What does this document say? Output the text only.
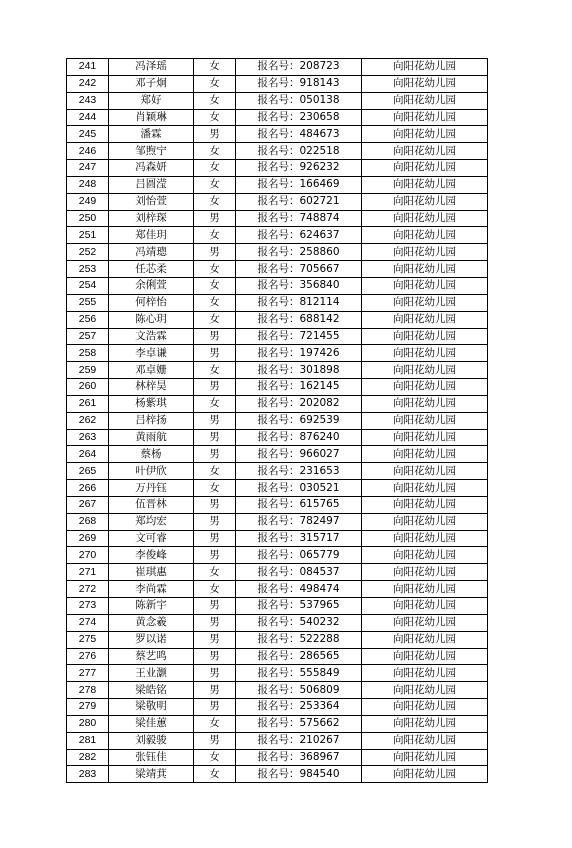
241	冯泽瑶	女	报名号：208723	向阳花幼儿园
242	邓子炯	女	报名号：918143	向阳花幼儿园
243	郑好	女	报名号：050138	向阳花幼儿园
244	肖颖琳	女	报名号：230658	向阳花幼儿园
245	潘霖	男	报名号：484673	向阳花幼儿园
246	邹煦宁	女	报名号：022518	向阳花幼儿园
247	冯森妍	女	报名号：926232	向阳花幼儿园
248	吕圆滢	女	报名号：166469	向阳花幼儿园
249	刘怡萱	女	报名号：602721	向阳花幼儿园
250	刘梓琛	男	报名号：748874	向阳花幼儿园
251	郑佳玥	女	报名号：624637	向阳花幼儿园
252	冯靖璁	男	报名号：258860	向阳花幼儿园
253	任芯柔	女	报名号：705667	向阳花幼儿园
254	余俐萱	女	报名号：356840	向阳花幼儿园
255	何梓怡	女	报名号：812114	向阳花幼儿园
256	陈心玥	女	报名号：688142	向阳花幼儿园
257	文浩霖	男	报名号：721455	向阳花幼儿园
258	李卓谦	男	报名号：197426	向阳花幼儿园
259	邓卓姗	女	报名号：301898	向阳花幼儿园
260	林梓昊	男	报名号：162145	向阳花幼儿园
261	杨紫琪	女	报名号：202082	向阳花幼儿园
262	吕梓扬	男	报名号：692539	向阳花幼儿园
263	黄雨航	男	报名号：876240	向阳花幼儿园
264	蔡杨	男	报名号：966027	向阳花幼儿园
265	叶伊欣	女	报名号：231653	向阳花幼儿园
266	万丹钰	女	报名号：030521	向阳花幼儿园
267	伍晋林	男	报名号：615765	向阳花幼儿园
268	郑均宏	男	报名号：782497	向阳花幼儿园
269	文可睿	男	报名号：315717	向阳花幼儿园
270	李俊峰	男	报名号：065779	向阳花幼儿园
271	崔琪惠	女	报名号：084537	向阳花幼儿园
272	李尚霖	女	报名号：498474	向阳花幼儿园
273	陈新宇	男	报名号：537965	向阳花幼儿园
274	黄念羲	男	报名号：540232	向阳花幼儿园
275	罗以诺	男	报名号：522288	向阳花幼儿园
276	蔡艺鸣	男	报名号：286565	向阳花幼儿园
277	王业灏	男	报名号：555849	向阳花幼儿园
278	梁皓铭	男	报名号：506809	向阳花幼儿园
279	梁敬明	男	报名号：253364	向阳花幼儿园
280	梁佳蕙	女	报名号：575662	向阳花幼儿园
281	刘毅骏	男	报名号：210267	向阳花幼儿园
282	张钰佳	女	报名号：368967	向阳花幼儿园
283	梁靖萁	女	报名号：984540	向阳花幼儿园
